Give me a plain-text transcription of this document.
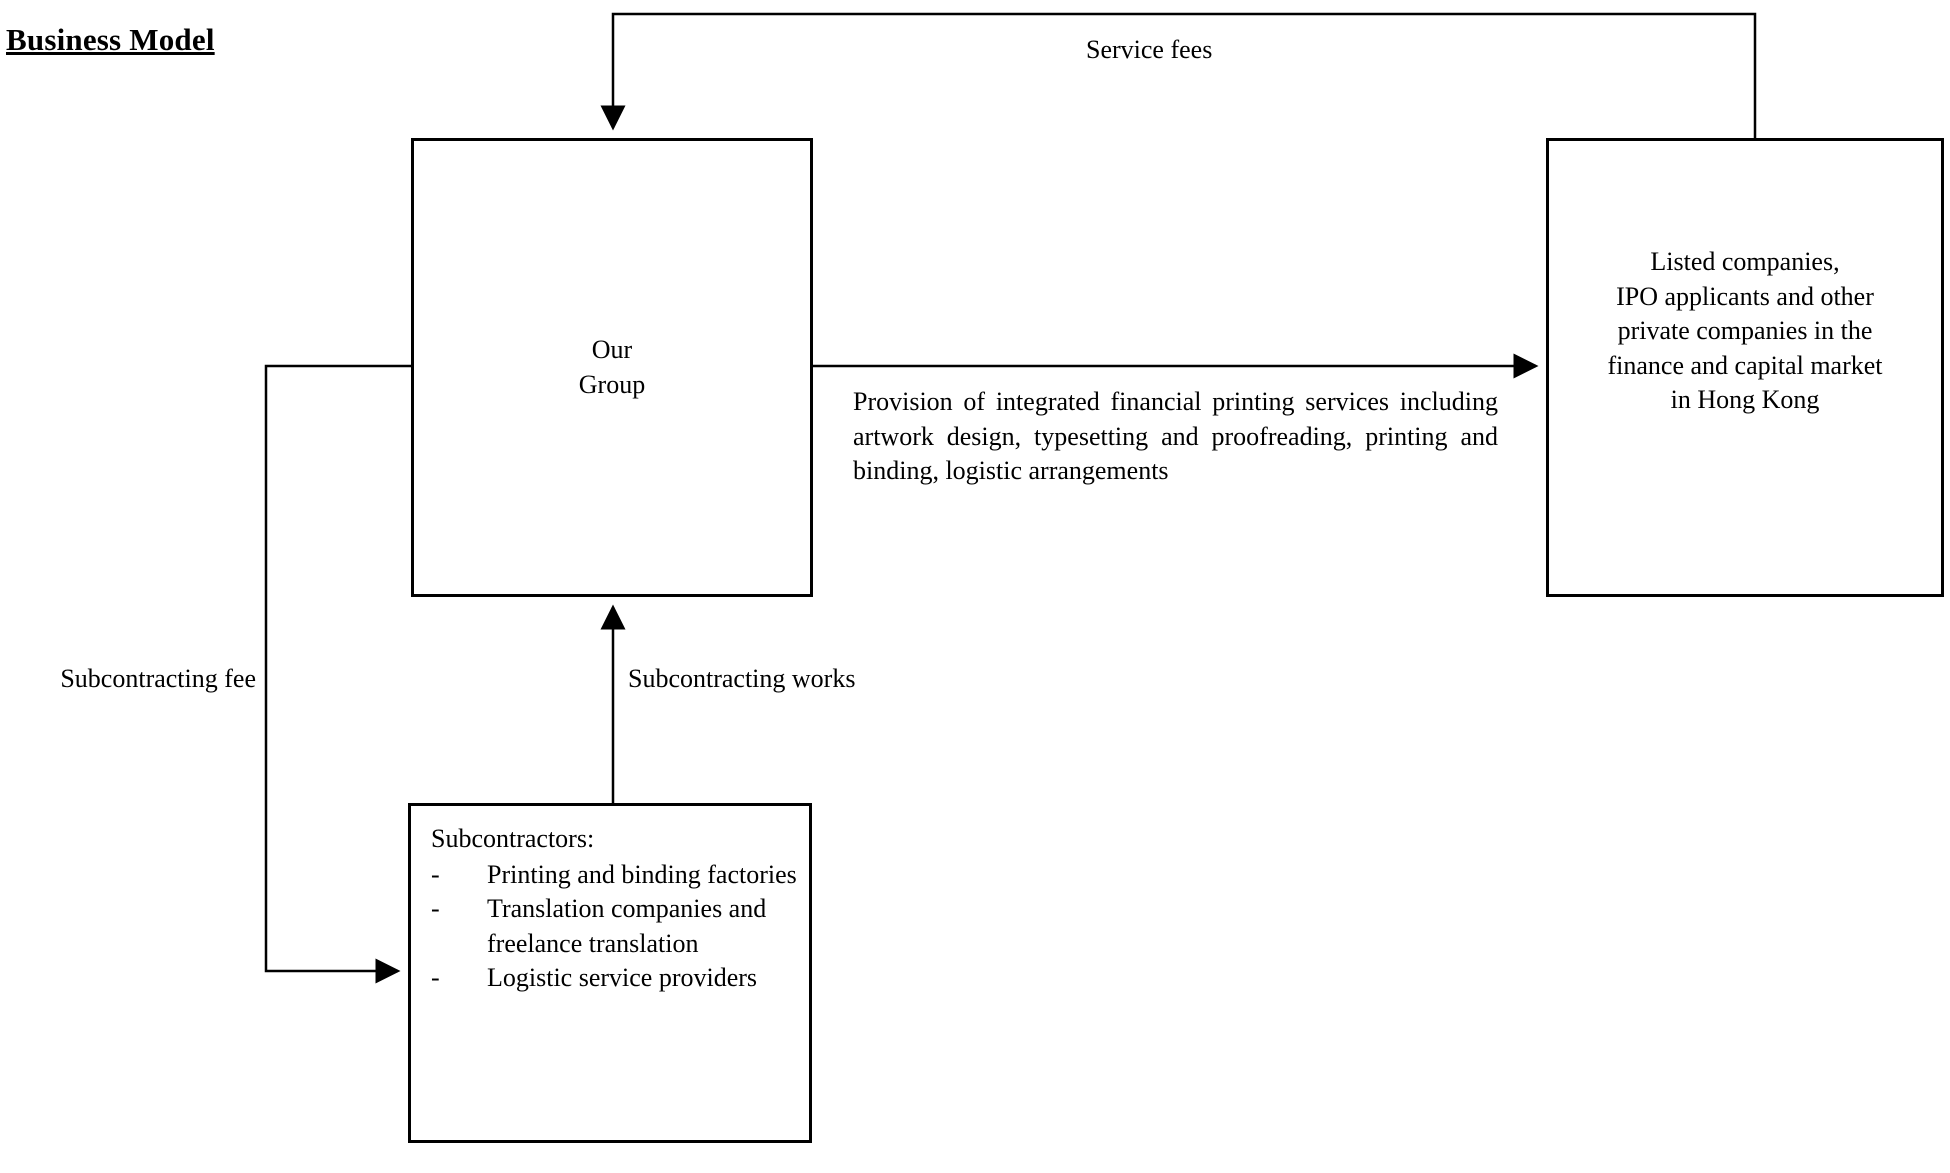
Business Model
Our
Group
Listed companies,
IPO applicants and other
private companies in the
finance and capital market
in Hong Kong

Subcontractors:

- Printing and binding factories
- Translation companies and freelance translation
- Logistic service providers
Service fees
Provision of integrated financial printing services including artwork design, typesetting and proofreading, printing and binding, logistic arrangements
Subcontracting fee	Subcontracting works
